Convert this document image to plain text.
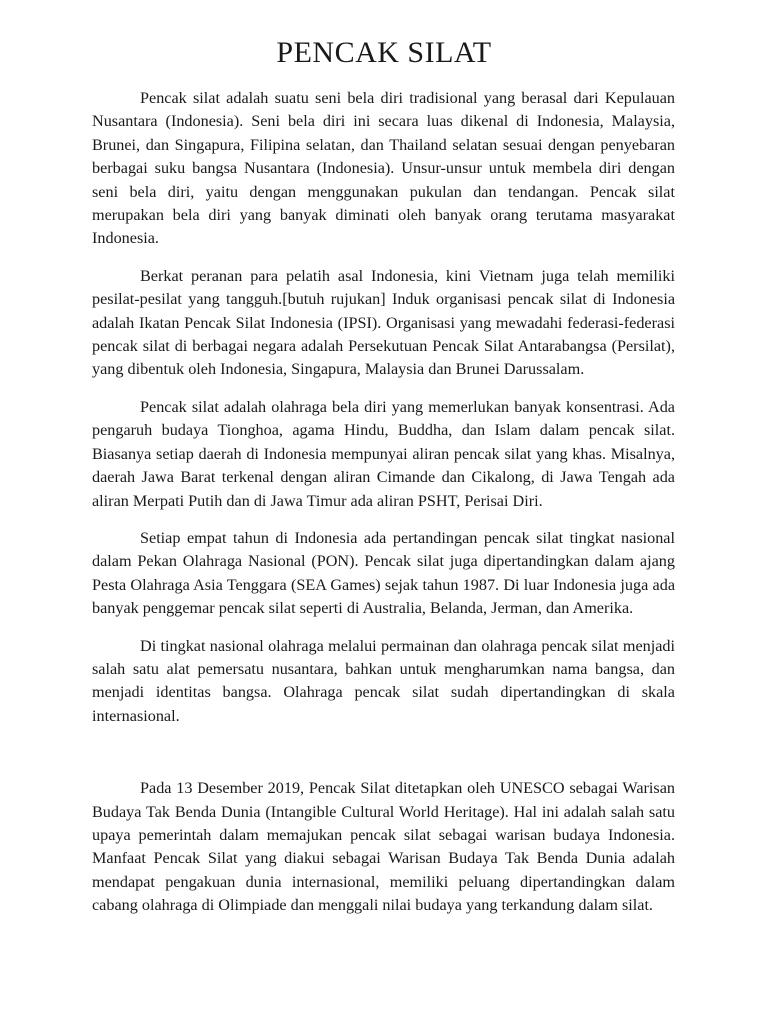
PENCAK SILAT

Pencak silat adalah suatu seni bela diri tradisional yang berasal dari Kepulauan Nusantara (Indonesia). Seni bela diri ini secara luas dikenal di Indonesia, Malaysia, Brunei, dan Singapura, Filipina selatan, dan Thailand selatan sesuai dengan penyebaran berbagai suku bangsa Nusantara (Indonesia). Unsur-unsur untuk membela diri dengan seni bela diri, yaitu dengan menggunakan pukulan dan tendangan. Pencak silat merupakan bela diri yang banyak diminati oleh banyak orang terutama masyarakat Indonesia.

Berkat peranan para pelatih asal Indonesia, kini Vietnam juga telah memiliki pesilat-pesilat yang tangguh.[butuh rujukan] Induk organisasi pencak silat di Indonesia adalah Ikatan Pencak Silat Indonesia (IPSI). Organisasi yang mewadahi federasi-federasi pencak silat di berbagai negara adalah Persekutuan Pencak Silat Antarabangsa (Persilat), yang dibentuk oleh Indonesia, Singapura, Malaysia dan Brunei Darussalam.

Pencak silat adalah olahraga bela diri yang memerlukan banyak konsentrasi. Ada pengaruh budaya Tionghoa, agama Hindu, Buddha, dan Islam dalam pencak silat. Biasanya setiap daerah di Indonesia mempunyai aliran pencak silat yang khas. Misalnya, daerah Jawa Barat terkenal dengan aliran Cimande dan Cikalong, di Jawa Tengah ada aliran Merpati Putih dan di Jawa Timur ada aliran PSHT, Perisai Diri.

Setiap empat tahun di Indonesia ada pertandingan pencak silat tingkat nasional dalam Pekan Olahraga Nasional (PON). Pencak silat juga dipertandingkan dalam ajang Pesta Olahraga Asia Tenggara (SEA Games) sejak tahun 1987. Di luar Indonesia juga ada banyak penggemar pencak silat seperti di Australia, Belanda, Jerman, dan Amerika.

Di tingkat nasional olahraga melalui permainan dan olahraga pencak silat menjadi salah satu alat pemersatu nusantara, bahkan untuk mengharumkan nama bangsa, dan menjadi identitas bangsa. Olahraga pencak silat sudah dipertandingkan di skala internasional.

Pada 13 Desember 2019, Pencak Silat ditetapkan oleh UNESCO sebagai Warisan Budaya Tak Benda Dunia (Intangible Cultural World Heritage). Hal ini adalah salah satu upaya pemerintah dalam memajukan pencak silat sebagai warisan budaya Indonesia. Manfaat Pencak Silat yang diakui sebagai Warisan Budaya Tak Benda Dunia adalah mendapat pengakuan dunia internasional, memiliki peluang dipertandingkan dalam cabang olahraga di Olimpiade dan menggali nilai budaya yang terkandung dalam silat.
